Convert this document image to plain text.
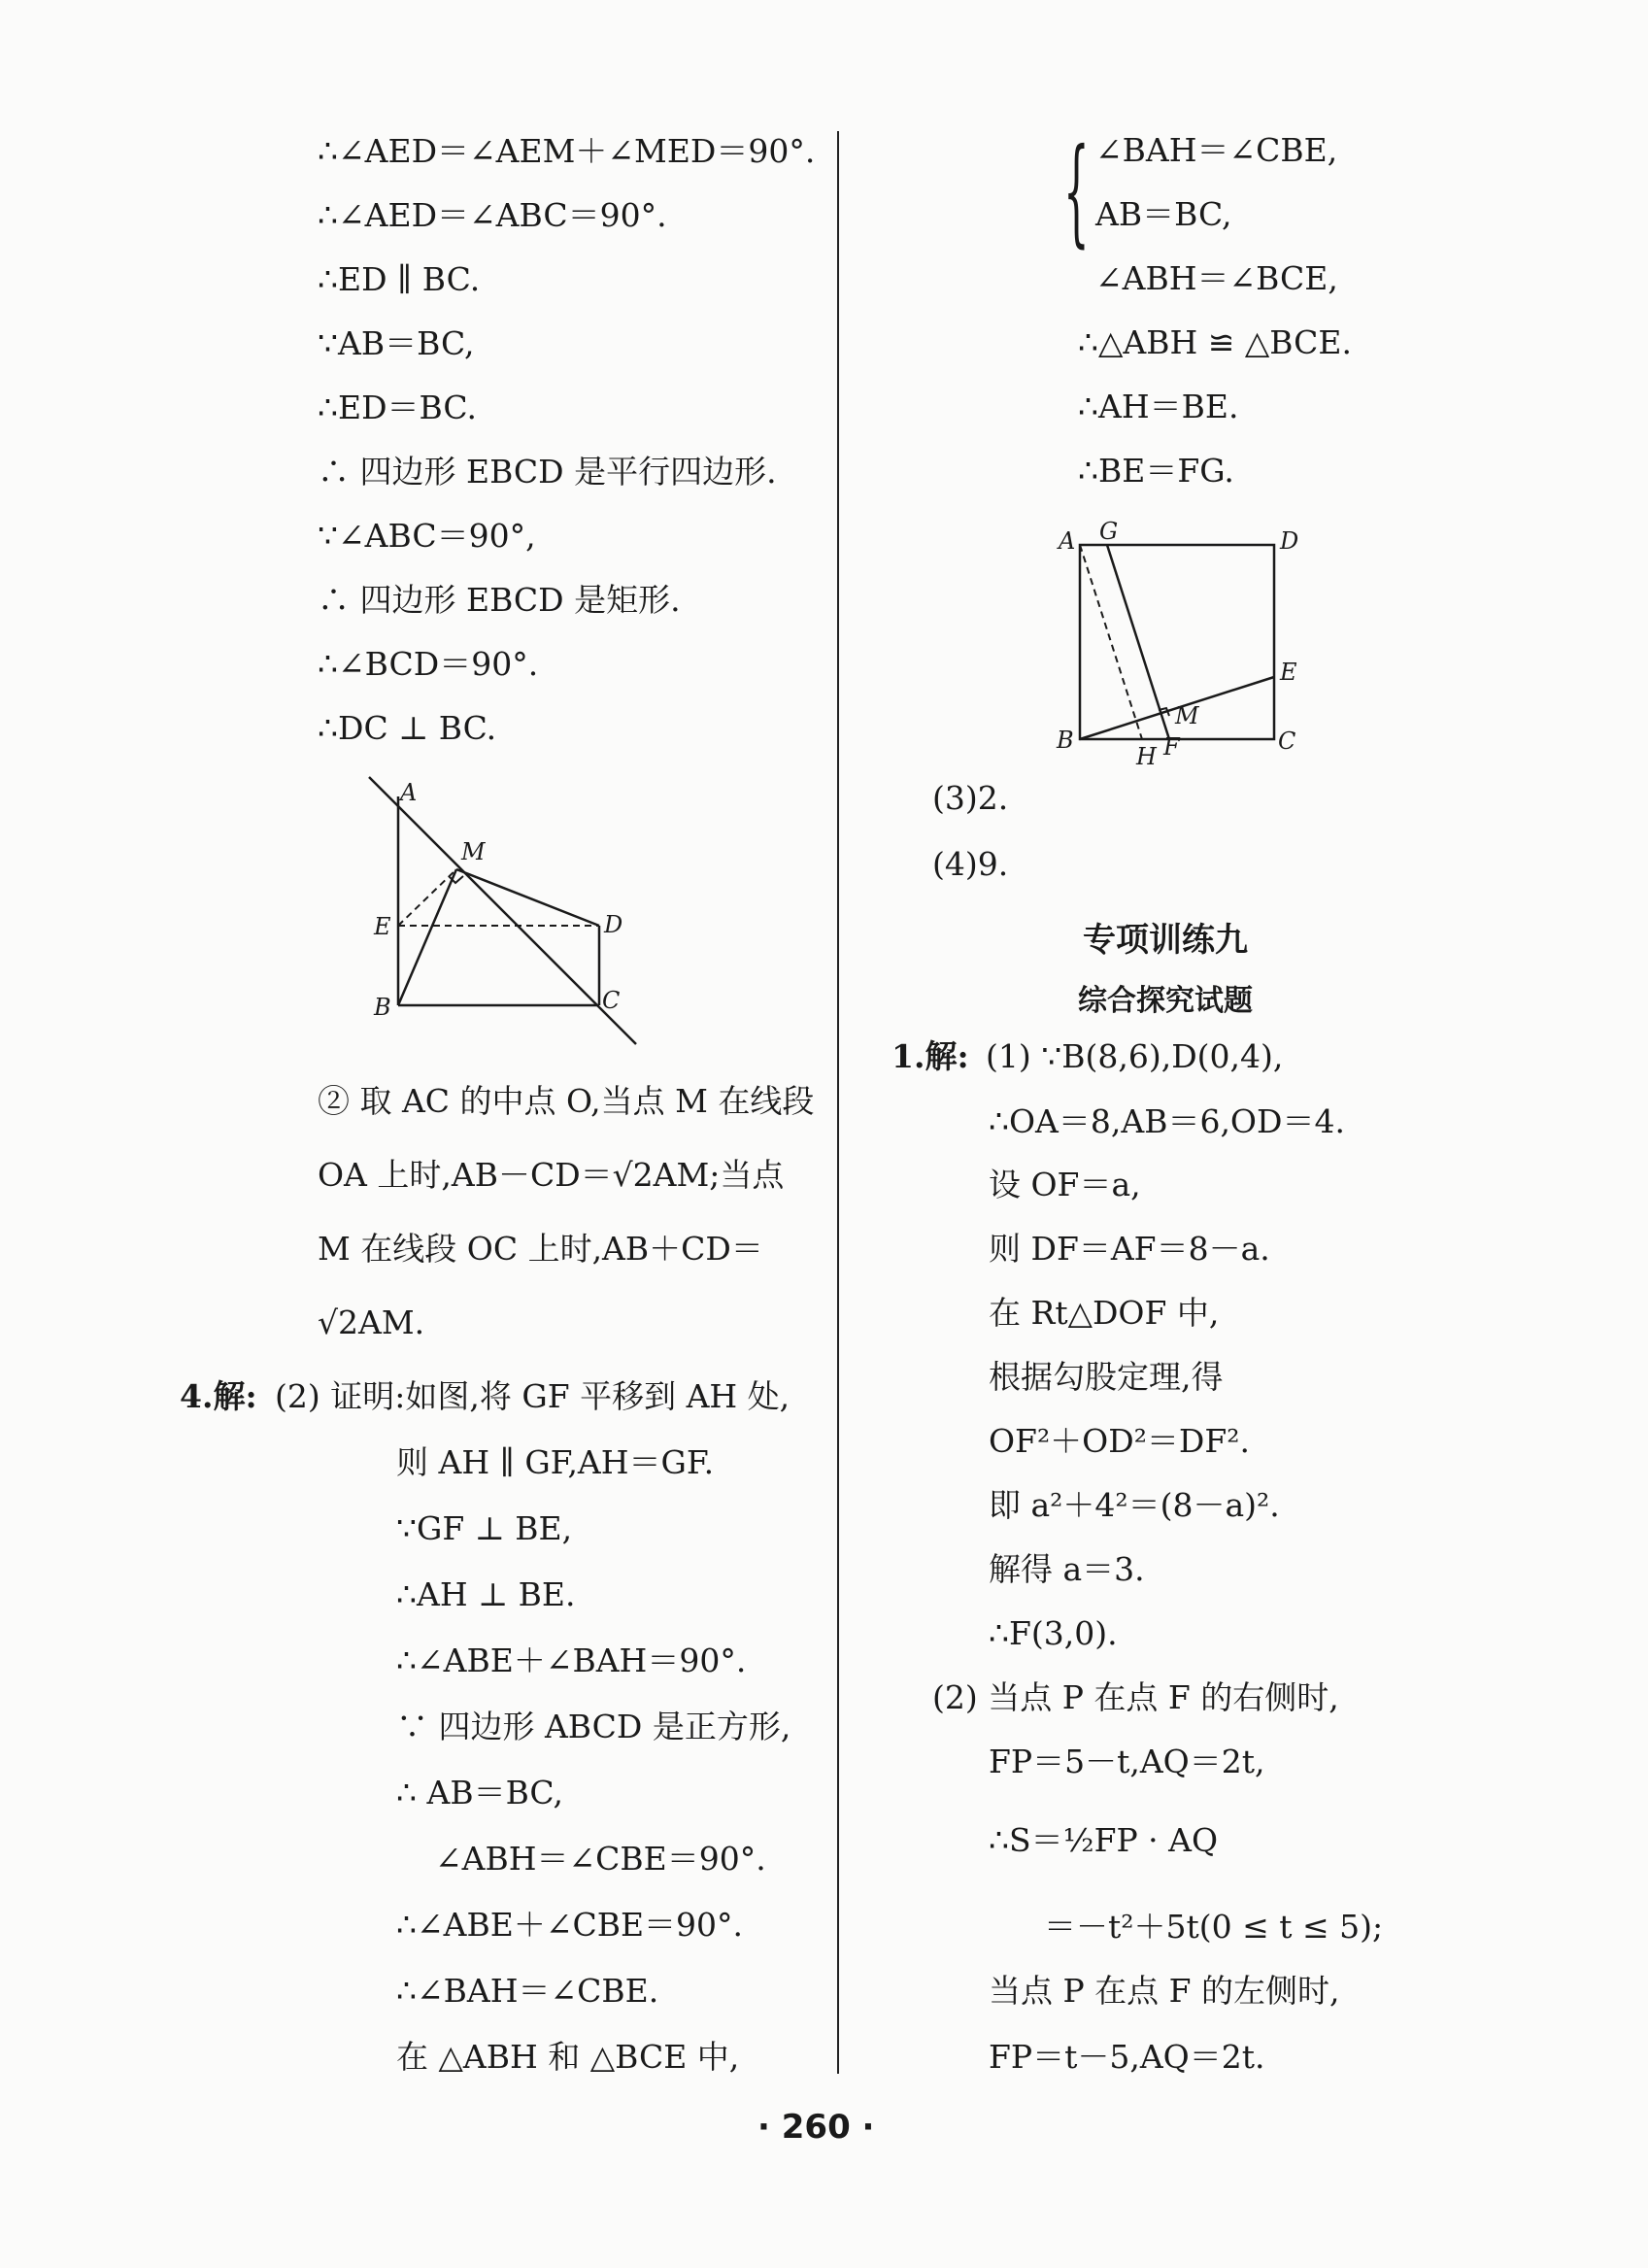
∴∠AED＝∠AEM＋∠MED＝90°.
∴∠AED＝∠ABC＝90°.
∴ED ∥ BC.
∵AB＝BC,
∴ED＝BC.
∴ 四边形 EBCD 是平行四边形.
∵∠ABC＝90°,
∴ 四边形 EBCD 是矩形.
∴∠BCD＝90°.
∴DC ⊥ BC.
A
M
E	D
B	C
② 取 AC 的中点 O,当点 M 在线段
OA 上时,AB－CD＝√2AM;当点
M 在线段 OC 上时,AB＋CD＝
√2AM.
4.解: (2) 证明:如图,将 GF 平移到 AH 处,
则 AH ∥ GF,AH＝GF.
∵GF ⊥ BE,
∴AH ⊥ BE.
∴∠ABE＋∠BAH＝90°.
∵ 四边形 ABCD 是正方形,
∴ AB＝BC,
∠ABH＝∠CBE＝90°.
∴∠ABE＋∠CBE＝90°.
∴∠BAH＝∠CBE.
在 △ABH 和 △BCE 中,
{ ∠BAH＝∠CBE,
AB＝BC,
∠ABH＝∠BCE,
∴△ABH ≌ △BCE.
∴AH＝BE.
∴BE＝FG.
A G	D
E
M
B
H F	C
(3)2.
(4)9.
专项训练九
综合探究试题
1.解: (1) ∵B(8,6),D(0,4),
∴OA＝8,AB＝6,OD＝4.
设 OF＝a,
则 DF＝AF＝8－a.
在 Rt△DOF 中,
根据勾股定理,得
OF²＋OD²＝DF².
即 a²＋4²＝(8－a)².
解得 a＝3.
∴F(3,0).
(2) 当点 P 在点 F 的右侧时,
FP＝5－t,AQ＝2t,
∴S＝½FP · AQ
＝－t²＋5t(0 ≤ t ≤ 5);
当点 P 在点 F 的左侧时,
FP＝t－5,AQ＝2t.
· 260 ·
